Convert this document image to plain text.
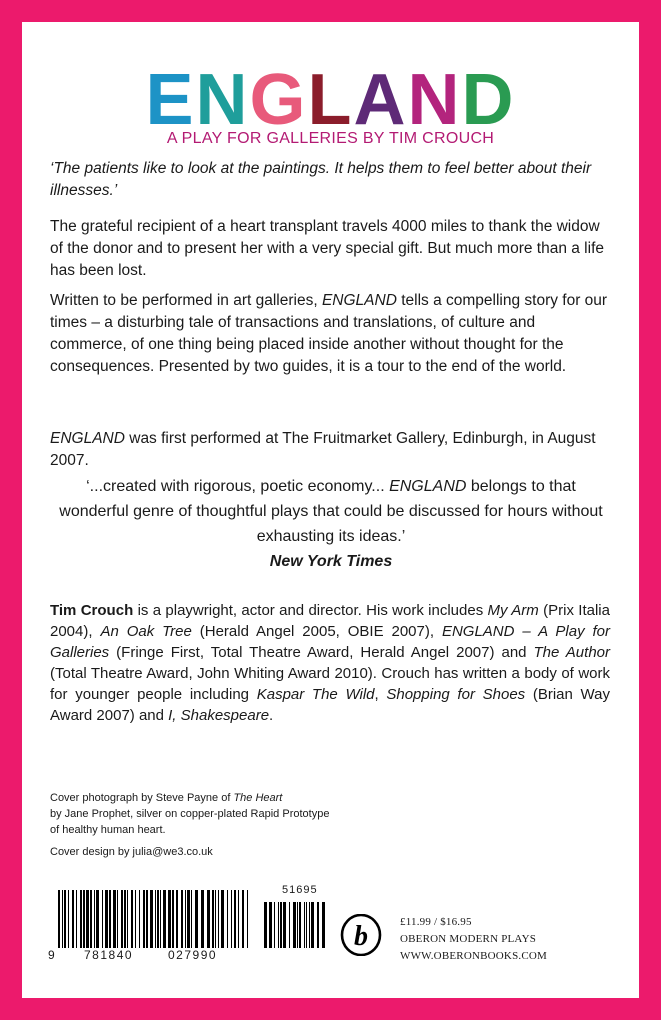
ENGLAND
A PLAY FOR GALLERIES BY TIM CROUCH

‘The patients like to look at the paintings. It helps them to feel better about their illnesses.’

The grateful recipient of a heart transplant travels 4000 miles to thank the widow of the donor and to present her with a very special gift. But much more than a life has been lost.

Written to be performed in art galleries, ENGLAND tells a compelling story for our times – a disturbing tale of transactions and translations, of culture and commerce, of one thing being placed inside another without thought for the consequences. Presented by two guides, it is a tour to the end of the world.

ENGLAND was first performed at The Fruitmarket Gallery, Edinburgh, in August 2007.

‘...created with rigorous, poetic economy... ENGLAND belongs to that wonderful genre of thoughtful plays that could be discussed for hours without exhausting its ideas.’

New York Times

Tim Crouch is a playwright, actor and director. His work includes My Arm (Prix Italia 2004), An Oak Tree (Herald Angel 2005, OBIE 2007), ENGLAND – A Play for Galleries (Fringe First, Total Theatre Award, Herald Angel 2007) and The Author (Total Theatre Award, John Whiting Award 2010). Crouch has written a body of work for younger people including Kaspar The Wild, Shopping for Shoes (Brian Way Award 2007) and I, Shakespeare.

Cover photograph by Steve Payne of The Heart

by Jane Prophet, silver on copper-plated Rapid Prototype

of healthy human heart.

Cover design by julia@we3.co.uk

51695
9 781840	027990
b	£11.99 / $16.95

OBERON MODERN PLAYS

WWW.OBERONBOOKS.COM
